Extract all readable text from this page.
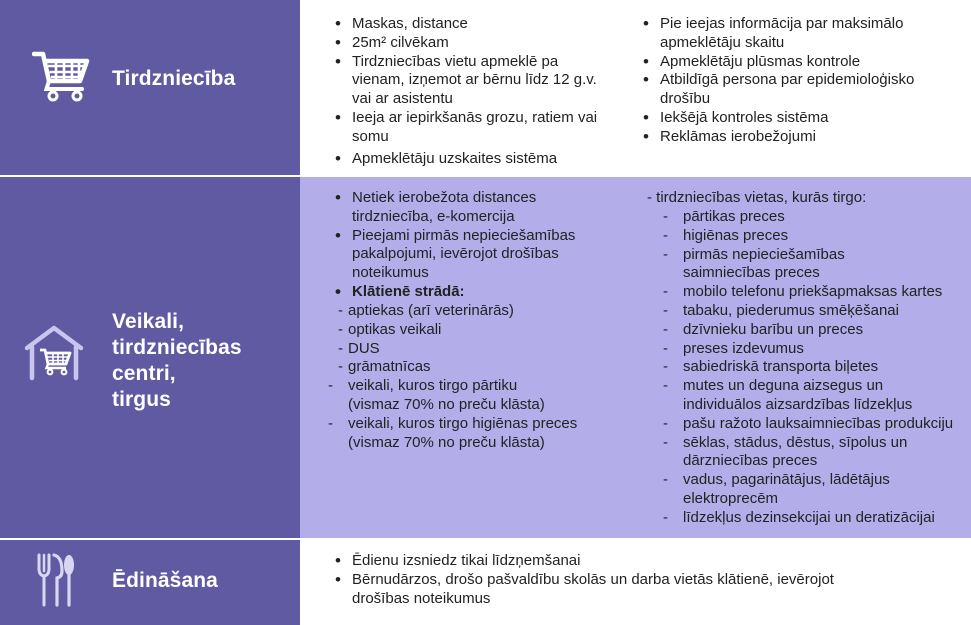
Tirdzniecība
• Maskas, distance
• 25m² cilvēkam
• Tirdzniecības vietu apmeklē pa vienam, izņemot ar bērnu līdz 12 g.v. vai ar asistentu
• Ieeja ar iepirkšanās grozu, ratiem vai somu
• Apmeklētāju uzskaites sistēma
• Pie ieejas informācija par maksimālo apmeklētāju skaitu
• Apmeklētāju plūsmas kontrole
• Atbildīgā persona par epidemioloģisko drošību
• Iekšējā kontroles sistēma
• Reklāmas ierobežojumi
Veikali,
tirdzniecības
centri,
tirgus
• Netiek ierobežota distances tirdzniecība, e-komercija
• Pieejami pirmās nepieciešamības pakalpojumi, ievērojot drošības noteikumus
• Klātienē strādā:
- aptiekas (arī veterinārās)
- optikas veikali
- DUS
- grāmatnīcas
- veikali, kuros tirgo pārtiku (vismaz 70% no preču klāsta)
- veikali, kuros tirgo higiēnas preces (vismaz 70% no preču klāsta)
- tirdzniecības vietas, kurās tirgo:
- pārtikas preces
- higiēnas preces
- pirmās nepieciešamības saimniecības preces
- mobilo telefonu priekšapmaksas kartes
- tabaku, piederumus smēķēšanai
- dzīvnieku barību un preces
- preses izdevumus
- sabiedriskā transporta biļetes
- mutes un deguna aizsegus un individuālos aizsardzības līdzekļus
- pašu ražoto lauksaimniecības produkciju
- sēklas, stādus, dēstus, sīpolus un dārzniecības preces
- vadus, pagarinātājus, lādētājus elektroprecēm
- līdzekļus dezinsekcijai un deratizācijai
Ēdināšana
• Ēdienu izsniedz tikai līdzņemšanai
• Bērnudārzos, drošo pašvaldību skolās un darba vietās klātienē, ievērojot drošības noteikumus
